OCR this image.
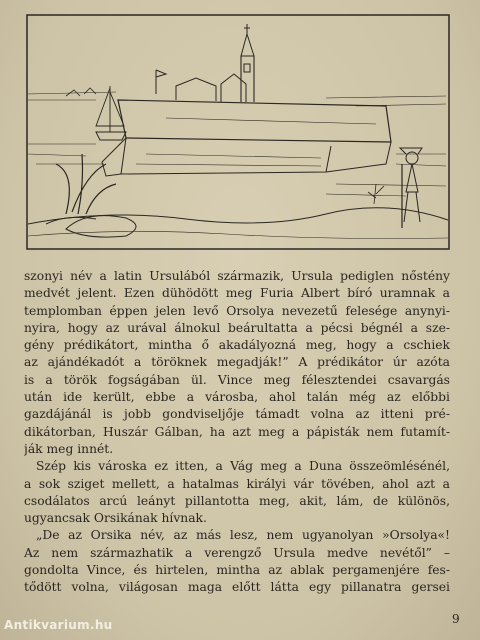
szonyi név a latin Ursulából származik, Ursula pediglen nőstény
medvét jelent. Ezen dühödött meg Furia Albert bíró uramnak a
templomban éppen jelen levő Orsolya nevezetű felesége anynyi-
nyira, hogy az urával álnokul beárultatta a pécsi bégnél a sze-
gény prédikátort, mintha ő akadályozná meg, hogy a cschiek
az ajándékadót a töröknek megadják!” A prédikátor úr azóta
is a török fogságában ül. Vince meg félesztendei csavargás
után ide került, ebbe a városba, ahol talán még az előbbi
gazdájánál is jobb gondviseljője támadt volna az itteni pré-
dikátorban, Huszár Gálban, ha azt meg a pápisták nem futamít-
ják meg innét.
Szép kis városka ez itten, a Vág meg a Duna összeömlésénél,
a sok sziget mellett, a hatalmas királyi vár tövében, ahol azt a
csodálatos arcú leányt pillantotta meg, akit, lám, de különös,
ugyancsak Orsikának hívnak.
„De az Orsika név, az más lesz, nem ugyanolyan »Orsolya«!
Az nem származhatik a verengző Ursula medve nevétől” –
gondolta Vince, és hirtelen, mintha az ablak pergamenjére fes-
tődött volna, világosan maga előtt látta egy pillanatra gersei
9
Antikvarium.hu
